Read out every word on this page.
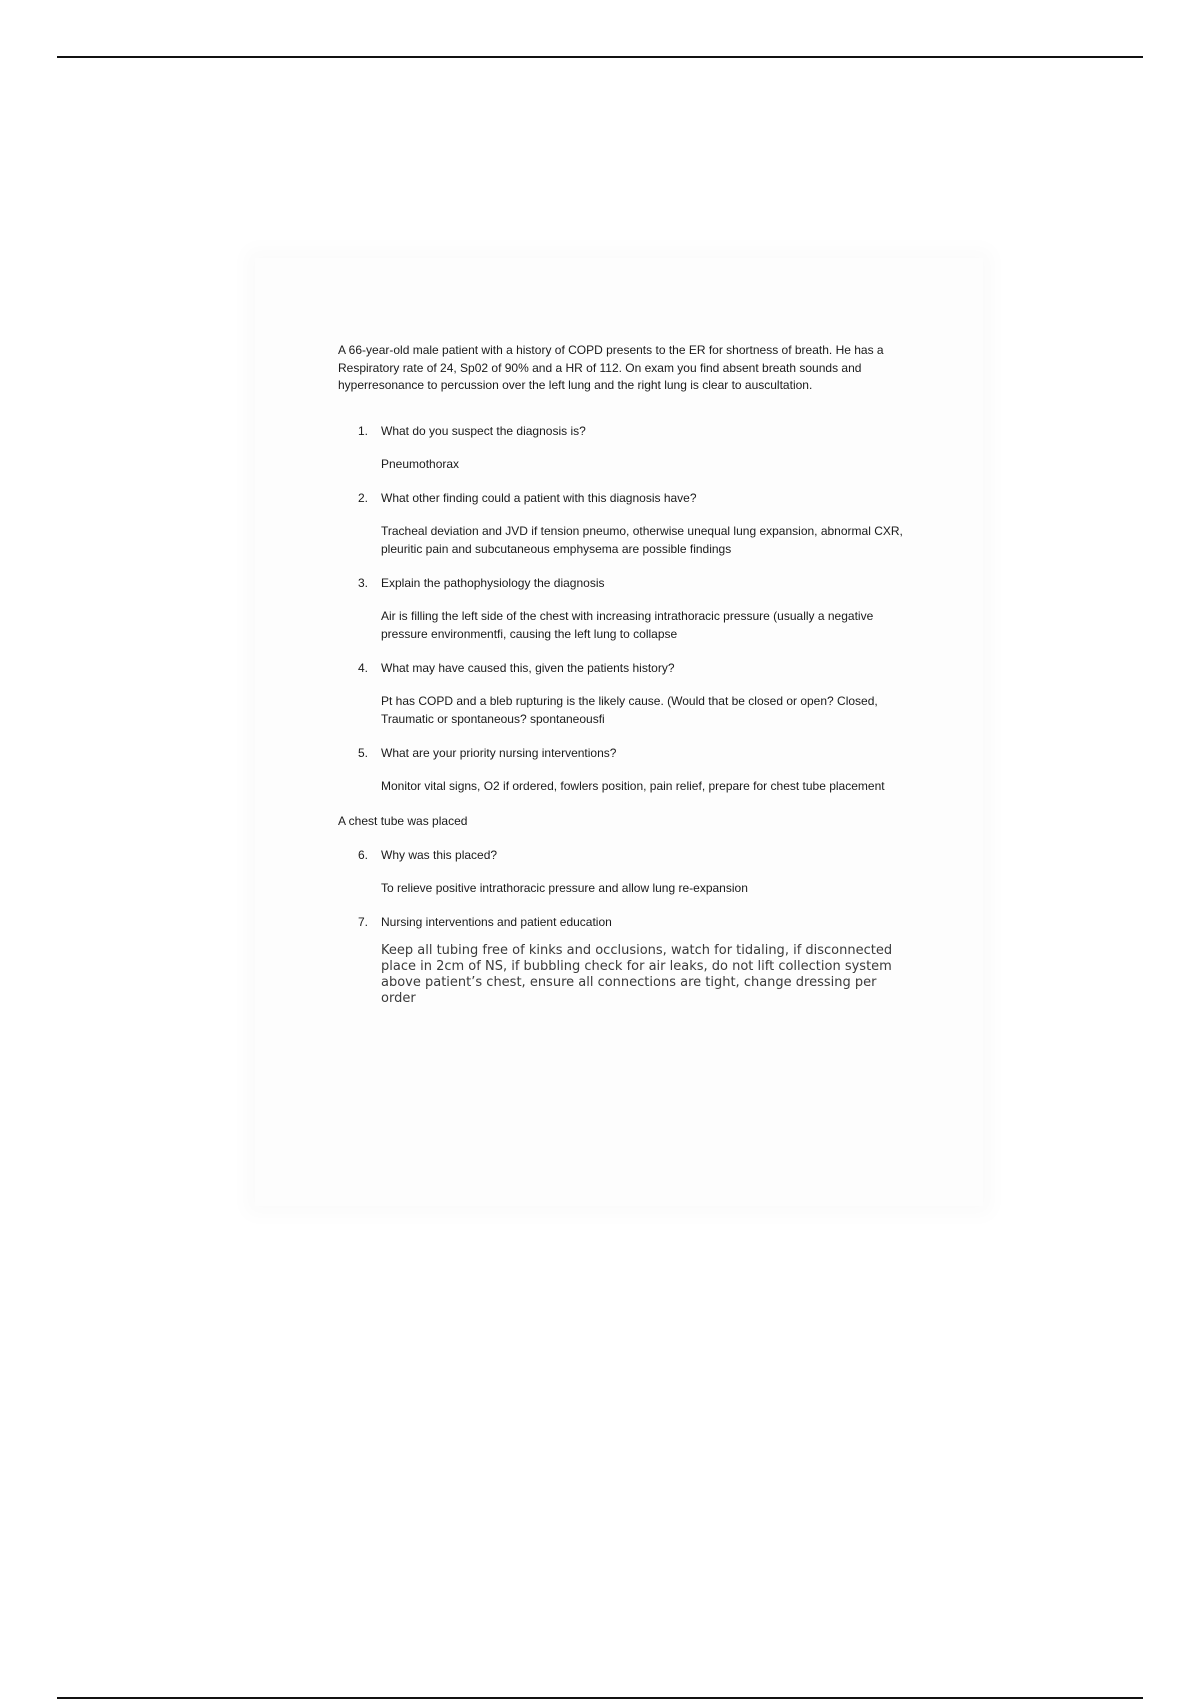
A 66-year-old male patient with a history of COPD presents to the ER for shortness of breath. He has a Respiratory rate of 24, Sp02 of 90% and a HR of 112. On exam you find absent breath sounds and hyperresonance to percussion over the left lung and the right lung is clear to auscultation.

1. What do you suspect the diagnosis is?

Pneumothorax

2. What other finding could a patient with this diagnosis have?

Tracheal deviation and JVD if tension pneumo, otherwise unequal lung expansion, abnormal CXR, pleuritic pain and subcutaneous emphysema are possible findings

3. Explain the pathophysiology the diagnosis

Air is filling the left side of the chest with increasing intrathoracic pressure (usually a negative pressure environmentfi, causing the left lung to collapse

4. What may have caused this, given the patients history?

Pt has COPD and a bleb rupturing is the likely cause. (Would that be closed or open? Closed, Traumatic or spontaneous? spontaneousfi

5. What are your priority nursing interventions?

Monitor vital signs, O2 if ordered, fowlers position, pain relief, prepare for chest tube placement

A chest tube was placed

6. Why was this placed?

To relieve positive intrathoracic pressure and allow lung re-expansion

7. Nursing interventions and patient education

Keep all tubing free of kinks and occlusions, watch for tidaling, if disconnected place in 2cm of NS, if bubbling check for air leaks, do not lift collection system above patient’s chest, ensure all connections are tight, change dressing per order
